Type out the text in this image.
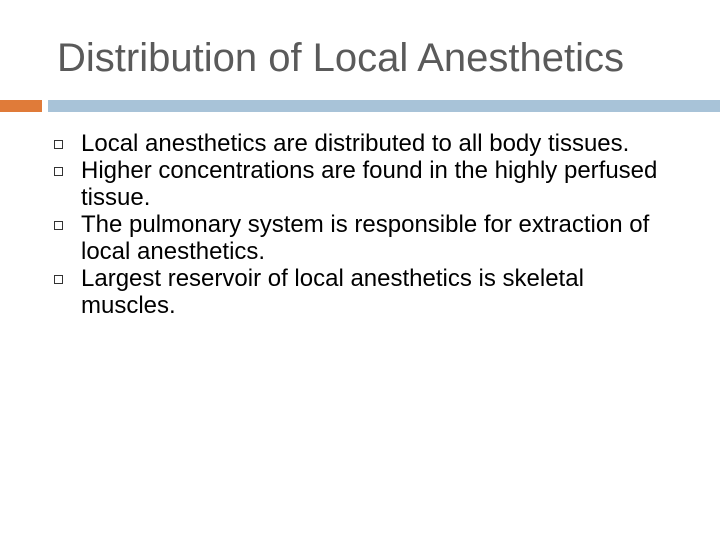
Distribution of Local Anesthetics
Local anesthetics are distributed to all body tissues.
Higher concentrations are found in the highly perfused tissue.
The pulmonary system is responsible for extraction of local anesthetics.
Largest reservoir of local anesthetics is skeletal muscles.
